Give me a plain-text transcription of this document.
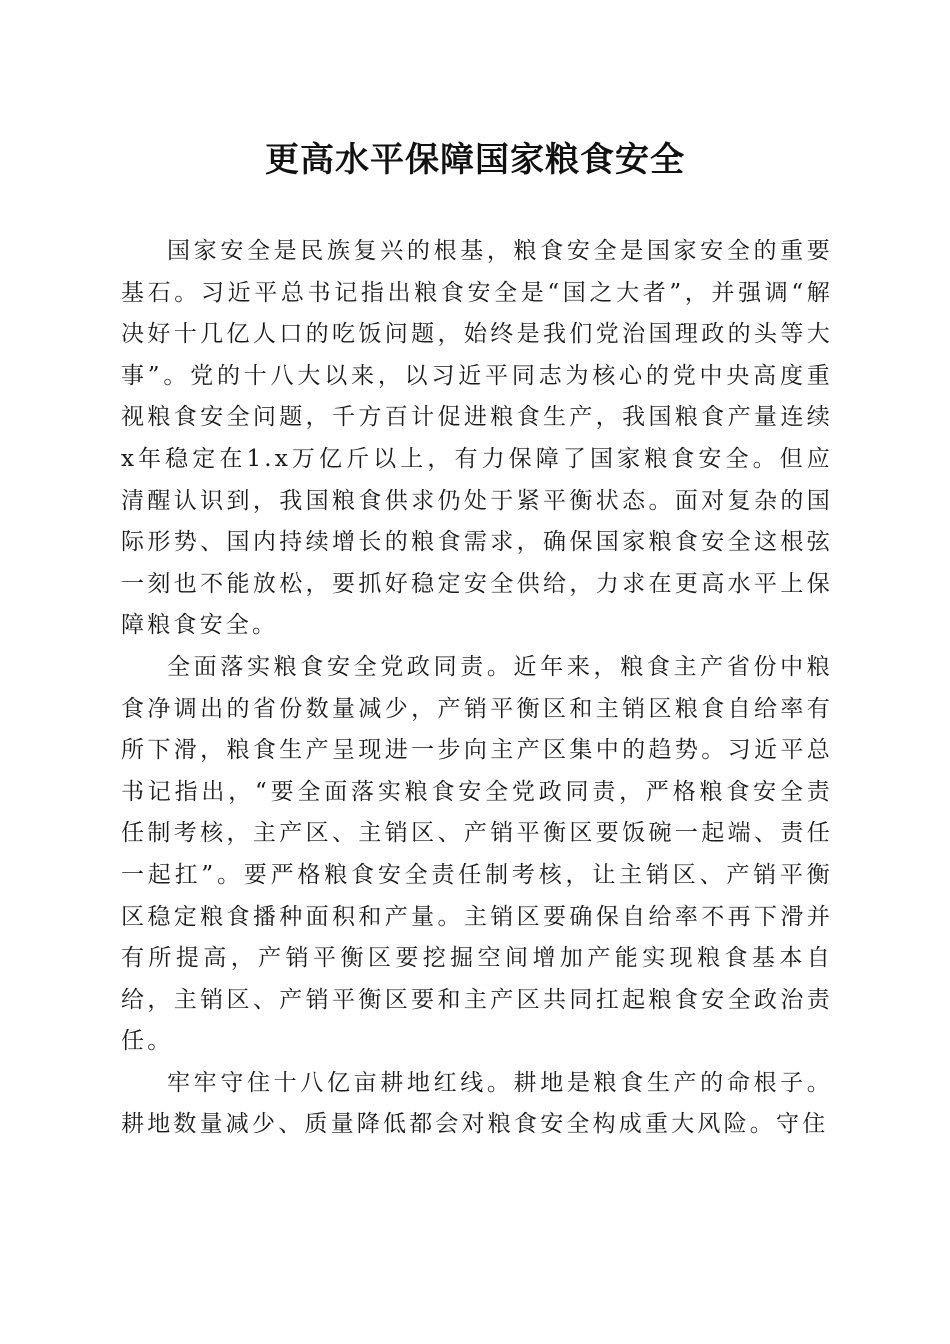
更高水平保障国家粮食安全

国家安全是民族复兴的根基，粮食安全是国家安全的重要基石。习近平总书记指出粮食安全是“国之大者”，并强调“解决好十几亿人口的吃饭问题，始终是我们党治国理政的头等大事”。党的十八大以来，以习近平同志为核心的党中央高度重视粮食安全问题，千方百计促进粮食生产，我国粮食产量连续x年稳定在1.x万亿斤以上，有力保障了国家粮食安全。但应清醒认识到，我国粮食供求仍处于紧平衡状态。面对复杂的国际形势、国内持续增长的粮食需求，确保国家粮食安全这根弦一刻也不能放松，要抓好稳定安全供给，力求在更高水平上保障粮食安全。

全面落实粮食安全党政同责。近年来，粮食主产省份中粮食净调出的省份数量减少，产销平衡区和主销区粮食自给率有所下滑，粮食生产呈现进一步向主产区集中的趋势。习近平总书记指出，“要全面落实粮食安全党政同责，严格粮食安全责任制考核，主产区、主销区、产销平衡区要饭碗一起端、责任一起扛”。要严格粮食安全责任制考核，让主销区、产销平衡区稳定粮食播种面积和产量。主销区要确保自给率不再下滑并有所提高，产销平衡区要挖掘空间增加产能实现粮食基本自给，主销区、产销平衡区要和主产区共同扛起粮食安全政治责任。

牢牢守住十八亿亩耕地红线。耕地是粮食生产的命根子。耕地数量减少、质量降低都会对粮食安全构成重大风险。守住
